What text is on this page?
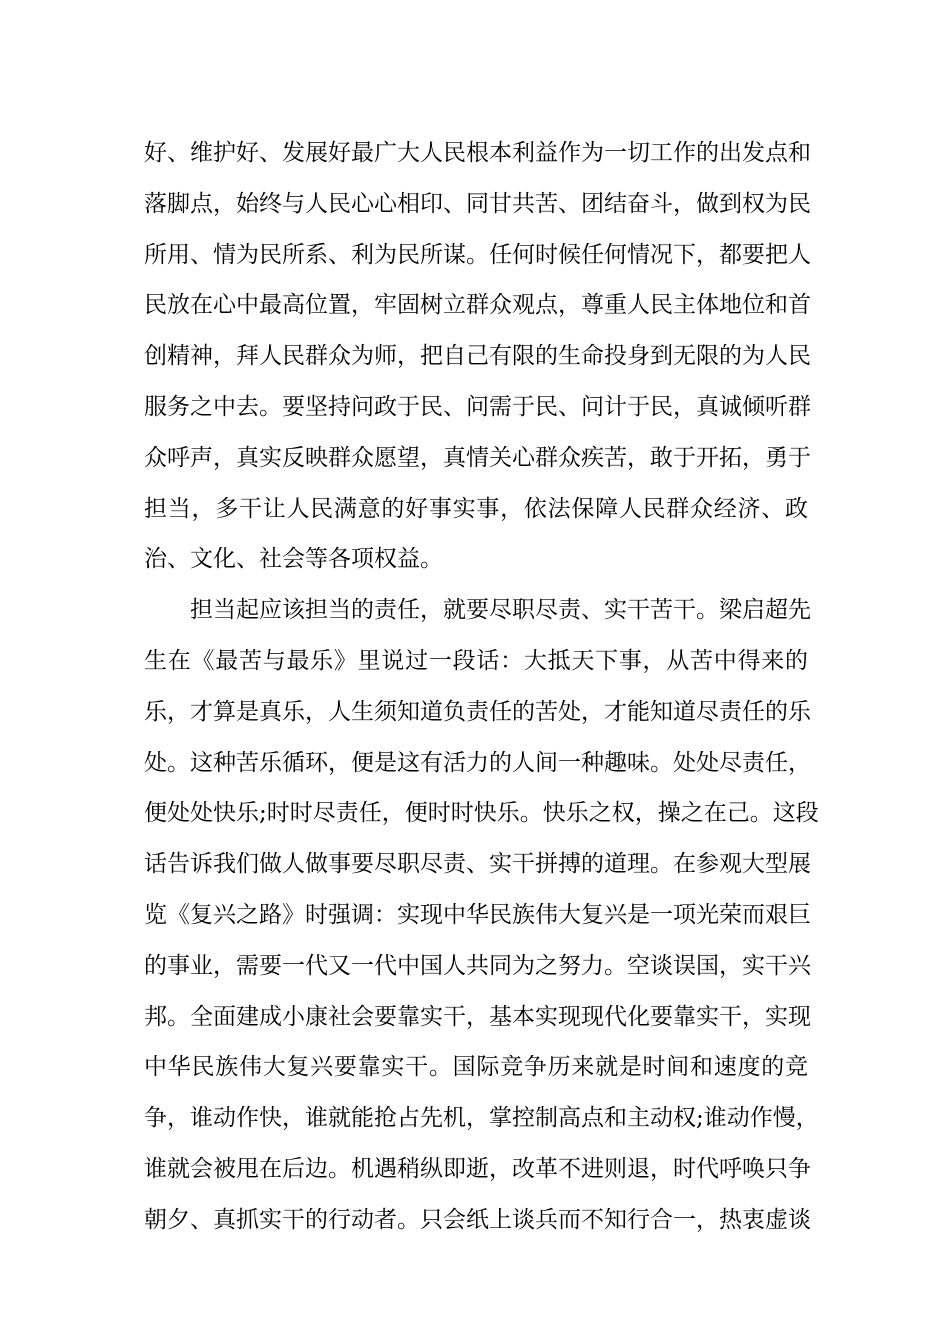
好、维护好、发展好最广大人民根本利益作为一切工作的出发点和
落脚点，始终与人民心心相印、同甘共苦、团结奋斗，做到权为民
所用、情为民所系、利为民所谋。任何时候任何情况下，都要把人
民放在心中最高位置，牢固树立群众观点，尊重人民主体地位和首
创精神，拜人民群众为师，把自己有限的生命投身到无限的为人民
服务之中去。要坚持问政于民、问需于民、问计于民，真诚倾听群
众呼声，真实反映群众愿望，真情关心群众疾苦，敢于开拓，勇于
担当，多干让人民满意的好事实事，依法保障人民群众经济、政
治、文化、社会等各项权益。
担当起应该担当的责任，就要尽职尽责、实干苦干。梁启超先
生在《最苦与最乐》里说过一段话：大抵天下事，从苦中得来的
乐，才算是真乐，人生须知道负责任的苦处，才能知道尽责任的乐
处。这种苦乐循环，便是这有活力的人间一种趣味。处处尽责任，
便处处快乐;时时尽责任，便时时快乐。快乐之权，操之在己。这段
话告诉我们做人做事要尽职尽责、实干拼搏的道理。在参观大型展
览《复兴之路》时强调：实现中华民族伟大复兴是一项光荣而艰巨
的事业，需要一代又一代中国人共同为之努力。空谈误国，实干兴
邦。全面建成小康社会要靠实干，基本实现现代化要靠实干，实现
中华民族伟大复兴要靠实干。国际竞争历来就是时间和速度的竞
争，谁动作快，谁就能抢占先机，掌控制高点和主动权;谁动作慢，
谁就会被甩在后边。机遇稍纵即逝，改革不进则退，时代呼唤只争
朝夕、真抓实干的行动者。只会纸上谈兵而不知行合一，热衷虚谈
